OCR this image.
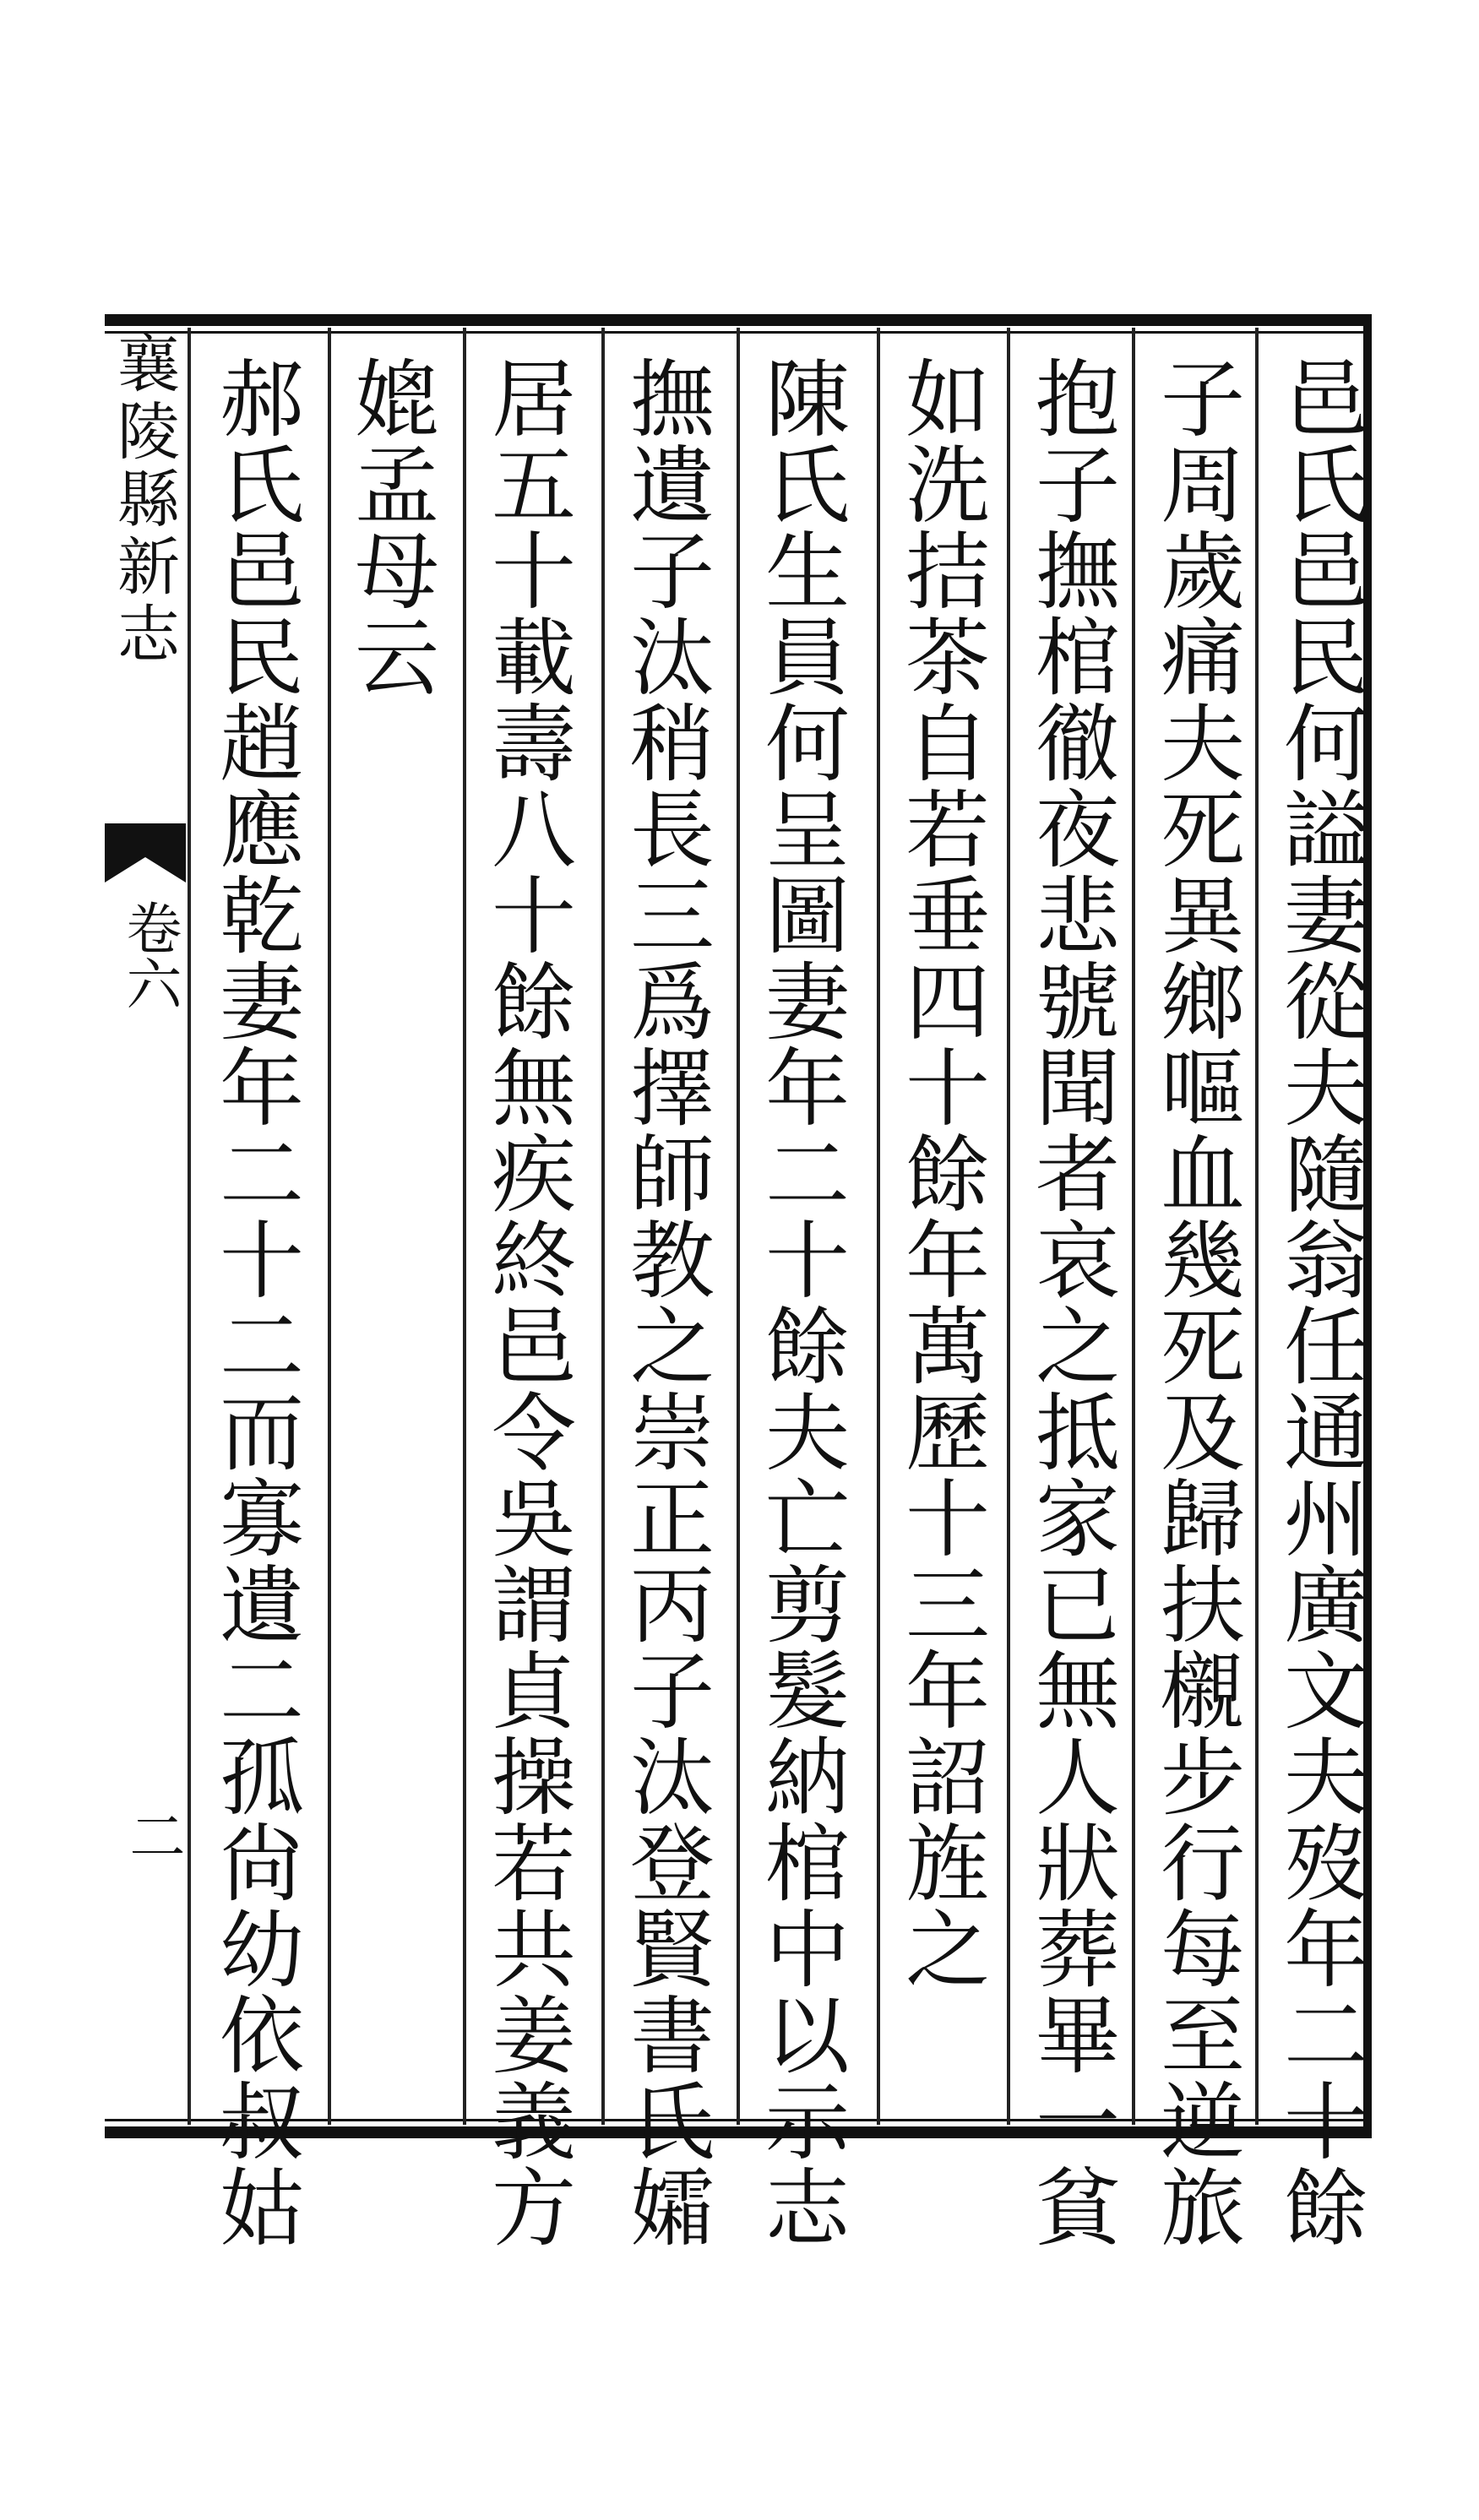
襄陵縣新志
卷六
二	邑氏邑民何謚妻從夫隨翁任通州廣文夫歿年二十餘
子周歲痛夫死異鄉嘔血幾死及歸扶櫬步行每至逆旅
抱子撫棺徹夜悲號聞者哀之抵家已無人狀葬畢一貧
如洗拮茶自若垂四十餘年萬歷十三年詔旌之
陳氏生員何呈圖妻年二十餘夫亡剪髮納棺中以示志
撫遺子汰稍長三爲擇師教之崇正丙子汰登賢書氏孀
居五十載壽八十餘無疾終邑令吳謂貞操若共姜義方
媲孟母云
郝氏邑民趙應乾妻年二十二而寡遺二孤尙幼依叔姑
